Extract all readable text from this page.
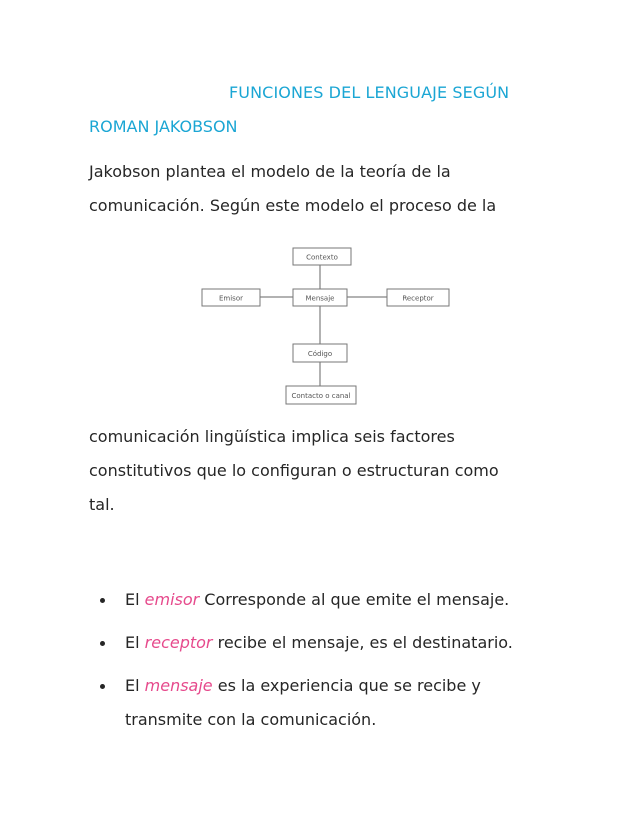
FUNCIONES DEL LENGUAJE SEGÚN
ROMAN JAKOBSON
Jakobson plantea el modelo de la teoría de la
comunicación. Según este modelo el proceso de la
Contexto
Emisor	Mensaje	Receptor
Código
Contacto o canal
comunicación lingüística implica seis factores
constitutivos que lo configuran o estructuran como
tal.
El emisor Corresponde al que emite el mensaje.
El receptor recibe el mensaje, es el destinatario.
El mensaje es la experiencia que se recibe y
transmite con la comunicación.
